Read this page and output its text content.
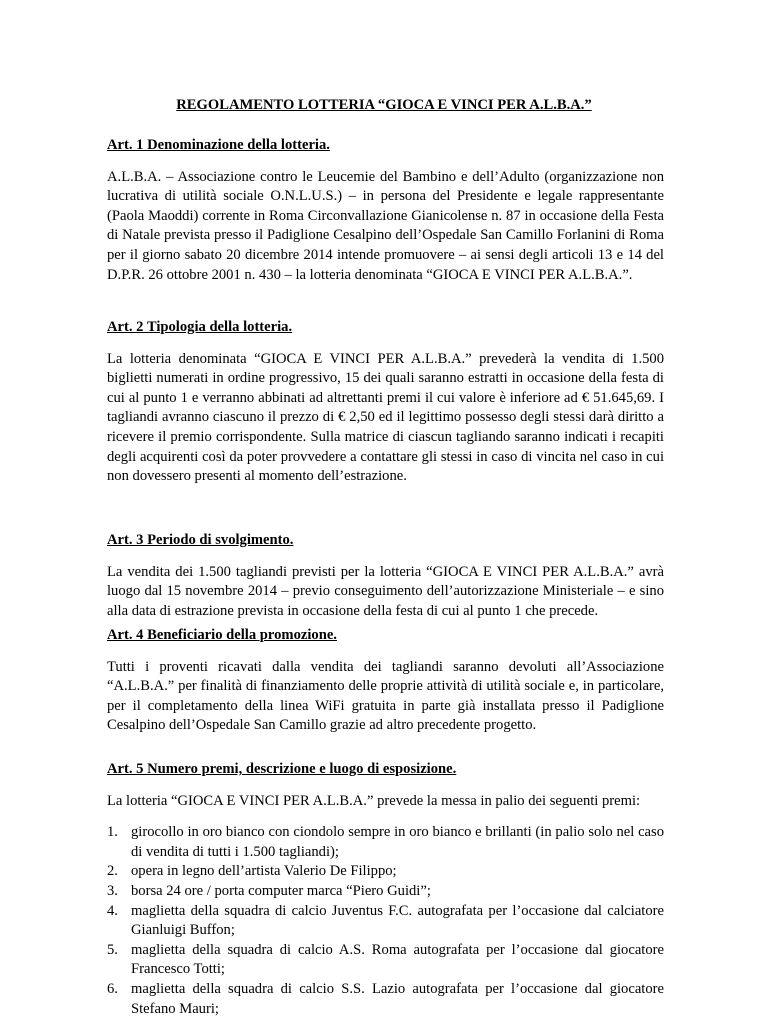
REGOLAMENTO LOTTERIA “GIOCA E VINCI PER A.L.B.A.”
Art. 1 Denominazione della lotteria.
A.L.B.A. – Associazione contro le Leucemie del Bambino e dell’Adulto (organizzazione non lucrativa di utilità sociale O.N.L.U.S.) – in persona del Presidente e legale rappresentante (Paola Maoddi) corrente in Roma Circonvallazione Gianicolense n. 87 in occasione della Festa di Natale prevista presso il Padiglione Cesalpino dell’Ospedale San Camillo Forlanini di Roma per il giorno sabato 20 dicembre 2014 intende promuovere – ai sensi degli articoli 13 e 14 del D.P.R. 26 ottobre 2001 n. 430 – la lotteria denominata “GIOCA E VINCI PER A.L.B.A.”.
Art. 2 Tipologia della lotteria.
La lotteria denominata “GIOCA E VINCI PER A.L.B.A.” prevederà la vendita di 1.500 biglietti numerati in ordine progressivo, 15 dei quali saranno estratti in occasione della festa di cui al punto 1 e verranno abbinati ad altrettanti premi il cui valore è inferiore ad € 51.645,69. I tagliandi avranno ciascuno il prezzo di € 2,50 ed il legittimo possesso degli stessi darà diritto a ricevere il premio corrispondente. Sulla matrice di ciascun tagliando saranno indicati i recapiti degli acquirenti così da poter provvedere a contattare gli stessi in caso di vincita nel caso in cui non dovessero presenti al momento dell’estrazione.
Art. 3 Periodo di svolgimento.
La vendita dei 1.500 tagliandi previsti per la lotteria “GIOCA E VINCI PER A.L.B.A.” avrà luogo dal 15 novembre 2014 – previo conseguimento dell’autorizzazione Ministeriale – e sino alla data di estrazione prevista in occasione della festa di cui al punto 1 che precede.
Art. 4 Beneficiario della promozione.
Tutti i proventi ricavati dalla vendita dei tagliandi saranno devoluti all’Associazione “A.L.B.A.” per finalità di finanziamento delle proprie attività di utilità sociale e, in particolare, per il completamento della linea WiFi gratuita in parte già installata presso il Padiglione Cesalpino dell’Ospedale San Camillo grazie ad altro precedente progetto.
Art. 5 Numero premi, descrizione e luogo di esposizione.
La lotteria “GIOCA E VINCI PER A.L.B.A.” prevede la messa in palio dei seguenti premi:
1. girocollo in oro bianco con ciondolo sempre in oro bianco e brillanti (in palio solo nel caso di vendita di tutti i 1.500 tagliandi);
2. opera in legno dell’artista Valerio De Filippo;
3. borsa 24 ore / porta computer marca “Piero Guidi”;
4. maglietta della squadra di calcio Juventus F.C. autografata per l’occasione dal calciatore Gianluigi Buffon;
5. maglietta della squadra di calcio A.S. Roma autografata per l’occasione dal giocatore Francesco Totti;
6. maglietta della squadra di calcio S.S. Lazio autografata per l’occasione dal giocatore Stefano Mauri;
